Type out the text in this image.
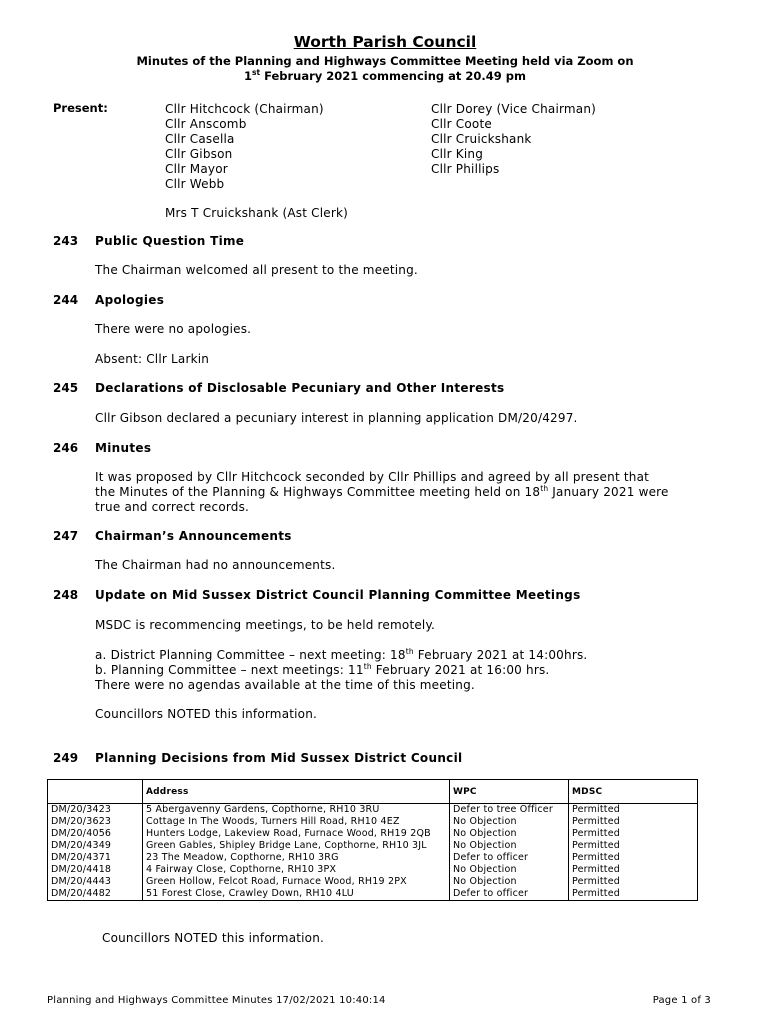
Worth Parish Council
Minutes of the Planning and Highways Committee Meeting held via Zoom on
1st February 2021 commencing at 20.49 pm
Present:	Cllr Hitchcock (Chairman)
Cllr Anscomb
Cllr Casella
Cllr Gibson
Cllr Mayor
Cllr Webb
Cllr Dorey (Vice Chairman)
Cllr Coote
Cllr Cruickshank
Cllr King
Cllr Phillips
Mrs T Cruickshank (Ast Clerk)
243 Public Question Time
The Chairman welcomed all present to the meeting.
244 Apologies
There were no apologies.
Absent: Cllr Larkin
245 Declarations of Disclosable Pecuniary and Other Interests
Cllr Gibson declared a pecuniary interest in planning application DM/20/4297.
246 Minutes
It was proposed by Cllr Hitchcock seconded by Cllr Phillips and agreed by all present that
the Minutes of the Planning & Highways Committee meeting held on 18th January 2021 were
true and correct records.
247 Chairman’s Announcements
The Chairman had no announcements.
248 Update on Mid Sussex District Council Planning Committee Meetings
MSDC is recommencing meetings, to be held remotely.
a. District Planning Committee – next meeting: 18th February 2021 at 14:00hrs.
b. Planning Committee – next meetings: 11th February 2021 at 16:00 hrs.
There were no agendas available at the time of this meeting.
Councillors NOTED this information.
249 Planning Decisions from Mid Sussex District Council
	Address	WPC	MDSC
DM/20/3423	5 Abergavenny Gardens, Copthorne, RH10 3RU	Defer to tree Officer	Permitted
DM/20/3623	Cottage In The Woods, Turners Hill Road, RH10 4EZ	No Objection	Permitted
DM/20/4056	Hunters Lodge, Lakeview Road, Furnace Wood, RH19 2QB	No Objection	Permitted
DM/20/4349	Green Gables, Shipley Bridge Lane, Copthorne, RH10 3JL	No Objection	Permitted
DM/20/4371	23 The Meadow, Copthorne, RH10 3RG	Defer to officer	Permitted
DM/20/4418	4 Fairway Close, Copthorne, RH10 3PX	No Objection	Permitted
DM/20/4443	Green Hollow, Felcot Road, Furnace Wood, RH19 2PX	No Objection	Permitted
DM/20/4482	51 Forest Close, Crawley Down, RH10 4LU	Defer to officer	Permitted
Councillors NOTED this information.
Planning and Highways Committee Minutes 17/02/2021 10:40:14	Page 1 of 3
